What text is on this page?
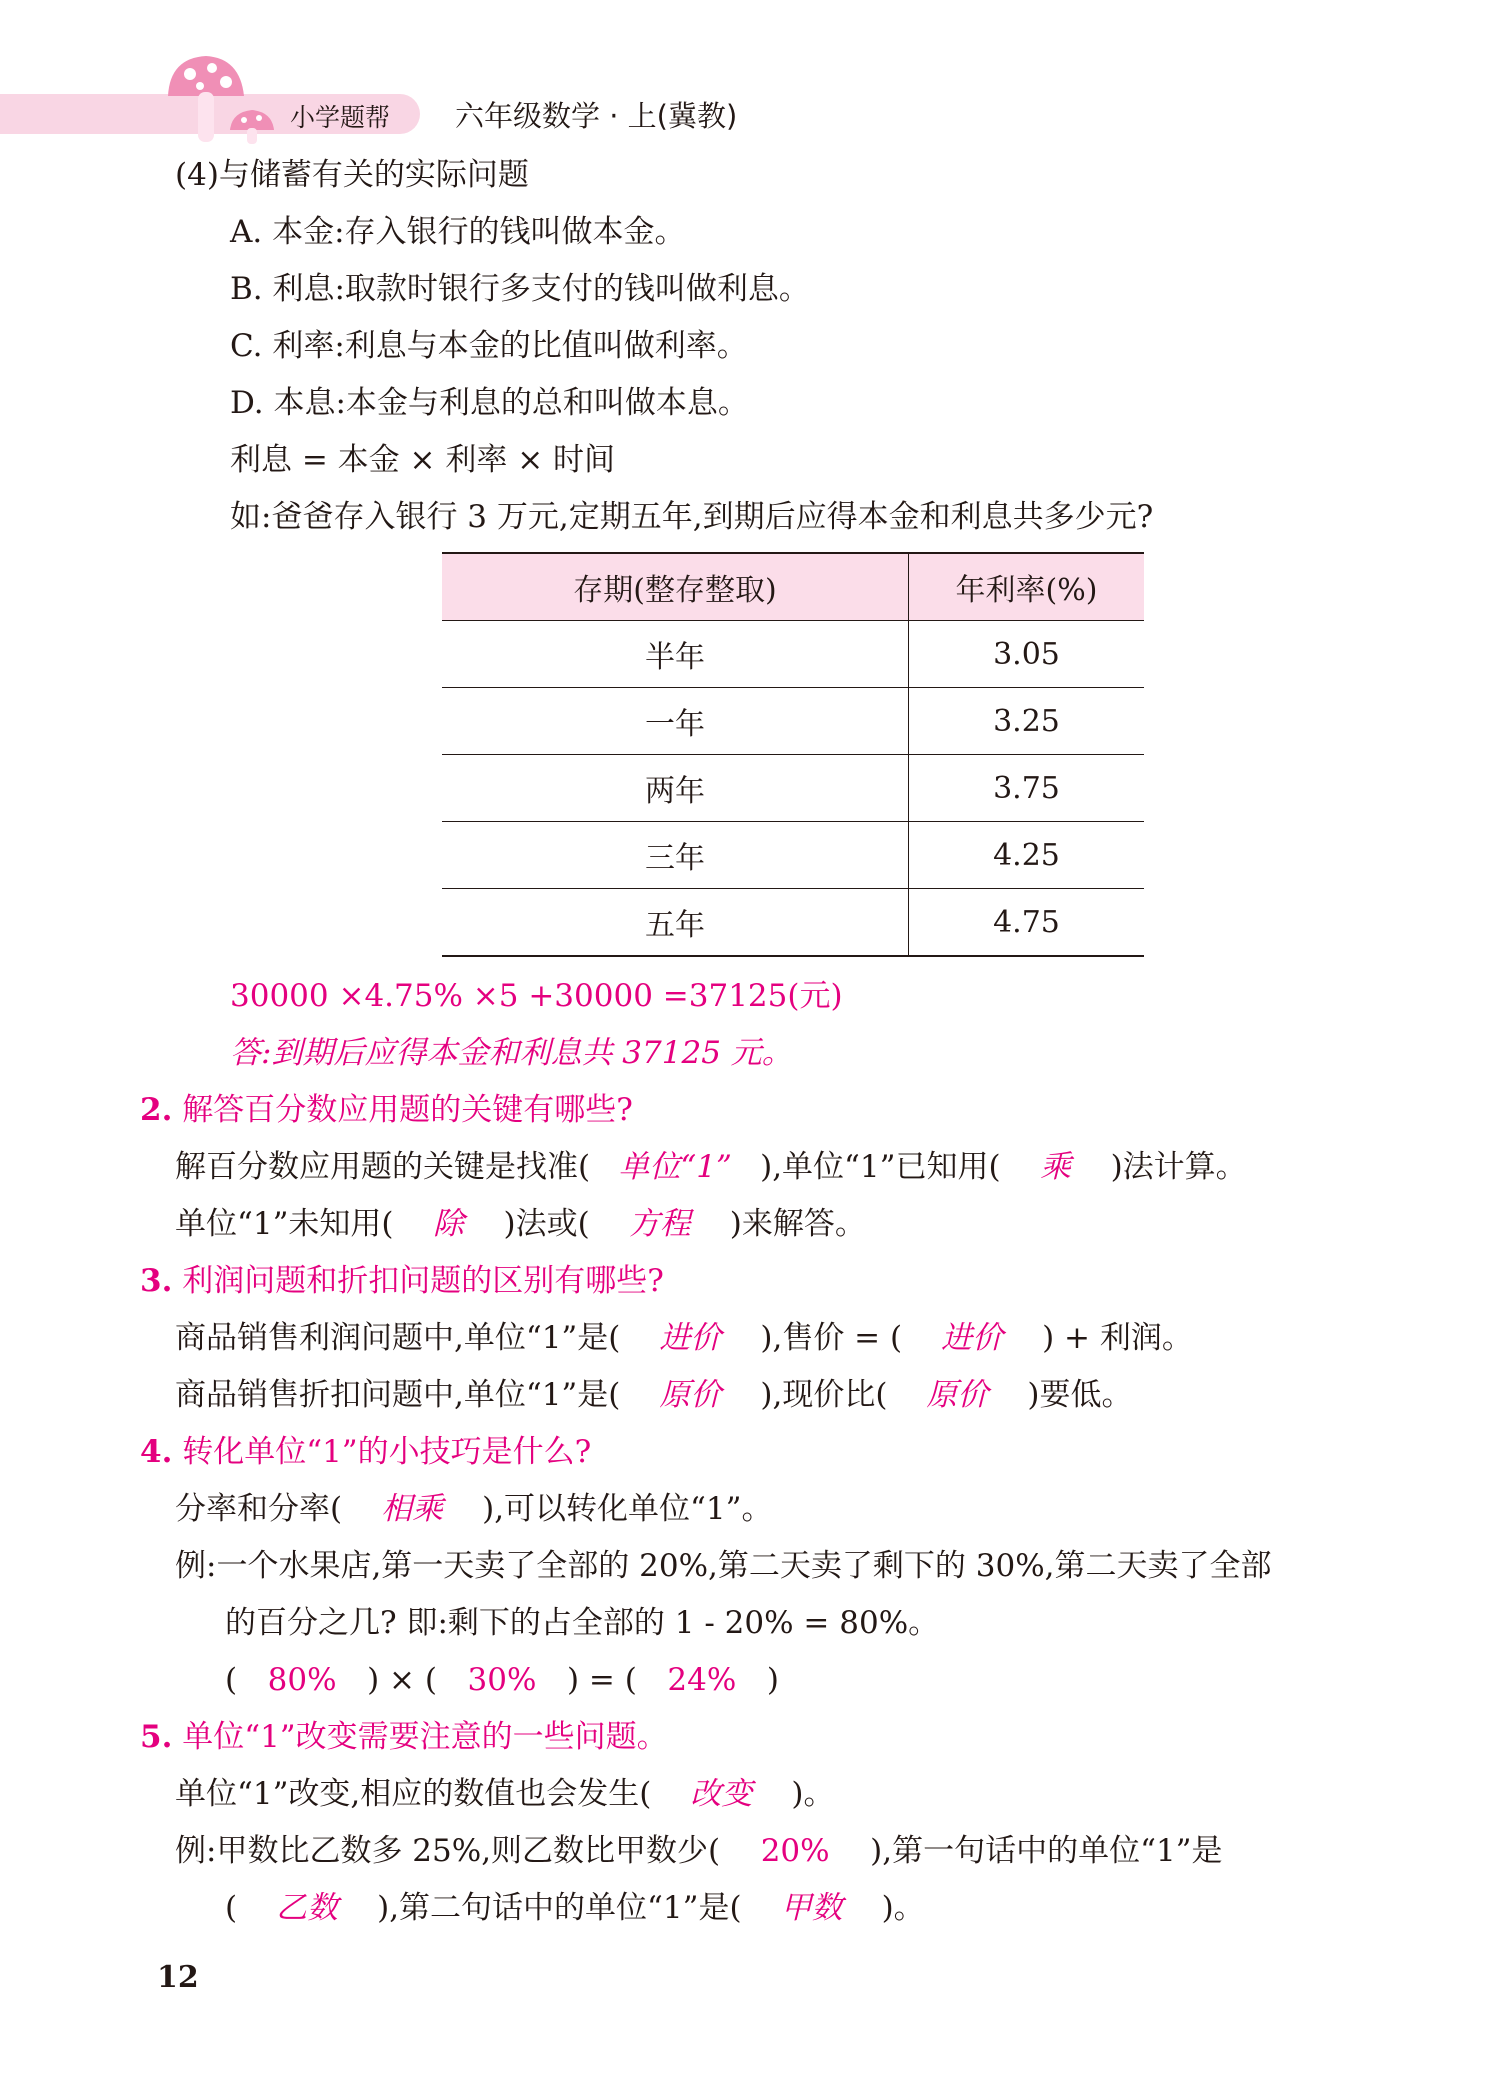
小学题帮 六年级数学 · 上(冀教)
(4)与储蓄有关的实际问题
A. 本金:存入银行的钱叫做本金。
B. 利息:取款时银行多支付的钱叫做利息。
C. 利率:利息与本金的比值叫做利率。
D. 本息:本金与利息的总和叫做本息。
利息 = 本金 × 利率 × 时间
如:爸爸存入银行 3 万元,定期五年,到期后应得本金和利息共多少元?
存期(整存整取)	年利率(%)
半年	3.05
一年	3.25
两年	3.75
三年	4.25
五年	4.75
30000 ×4.75% ×5 +30000 =37125(元)
答:到期后应得本金和利息共 37125 元。
2. 解答百分数应用题的关键有哪些?
解百分数应用题的关键是找准( 单位“1” ),单位“1”已知用( 乘 )法计算。
单位“1”未知用( 除 )法或( 方程 )来解答。
3. 利润问题和折扣问题的区别有哪些?
商品销售利润问题中,单位“1”是( 进价 ),售价 = ( 进价 ) + 利润。
商品销售折扣问题中,单位“1”是( 原价 ),现价比( 原价 )要低。
4. 转化单位“1”的小技巧是什么?
分率和分率( 相乘 ),可以转化单位“1”。
例:一个水果店,第一天卖了全部的 20%,第二天卖了剩下的 30%,第二天卖了全部
的百分之几? 即:剩下的占全部的 1 - 20% = 80%。
( 80% ) × ( 30% ) = ( 24% )
5. 单位“1”改变需要注意的一些问题。
单位“1”改变,相应的数值也会发生( 改变 )。
例:甲数比乙数多 25%,则乙数比甲数少( 20% ),第一句话中的单位“1”是
( 乙数 ),第二句话中的单位“1”是( 甲数 )。
12
